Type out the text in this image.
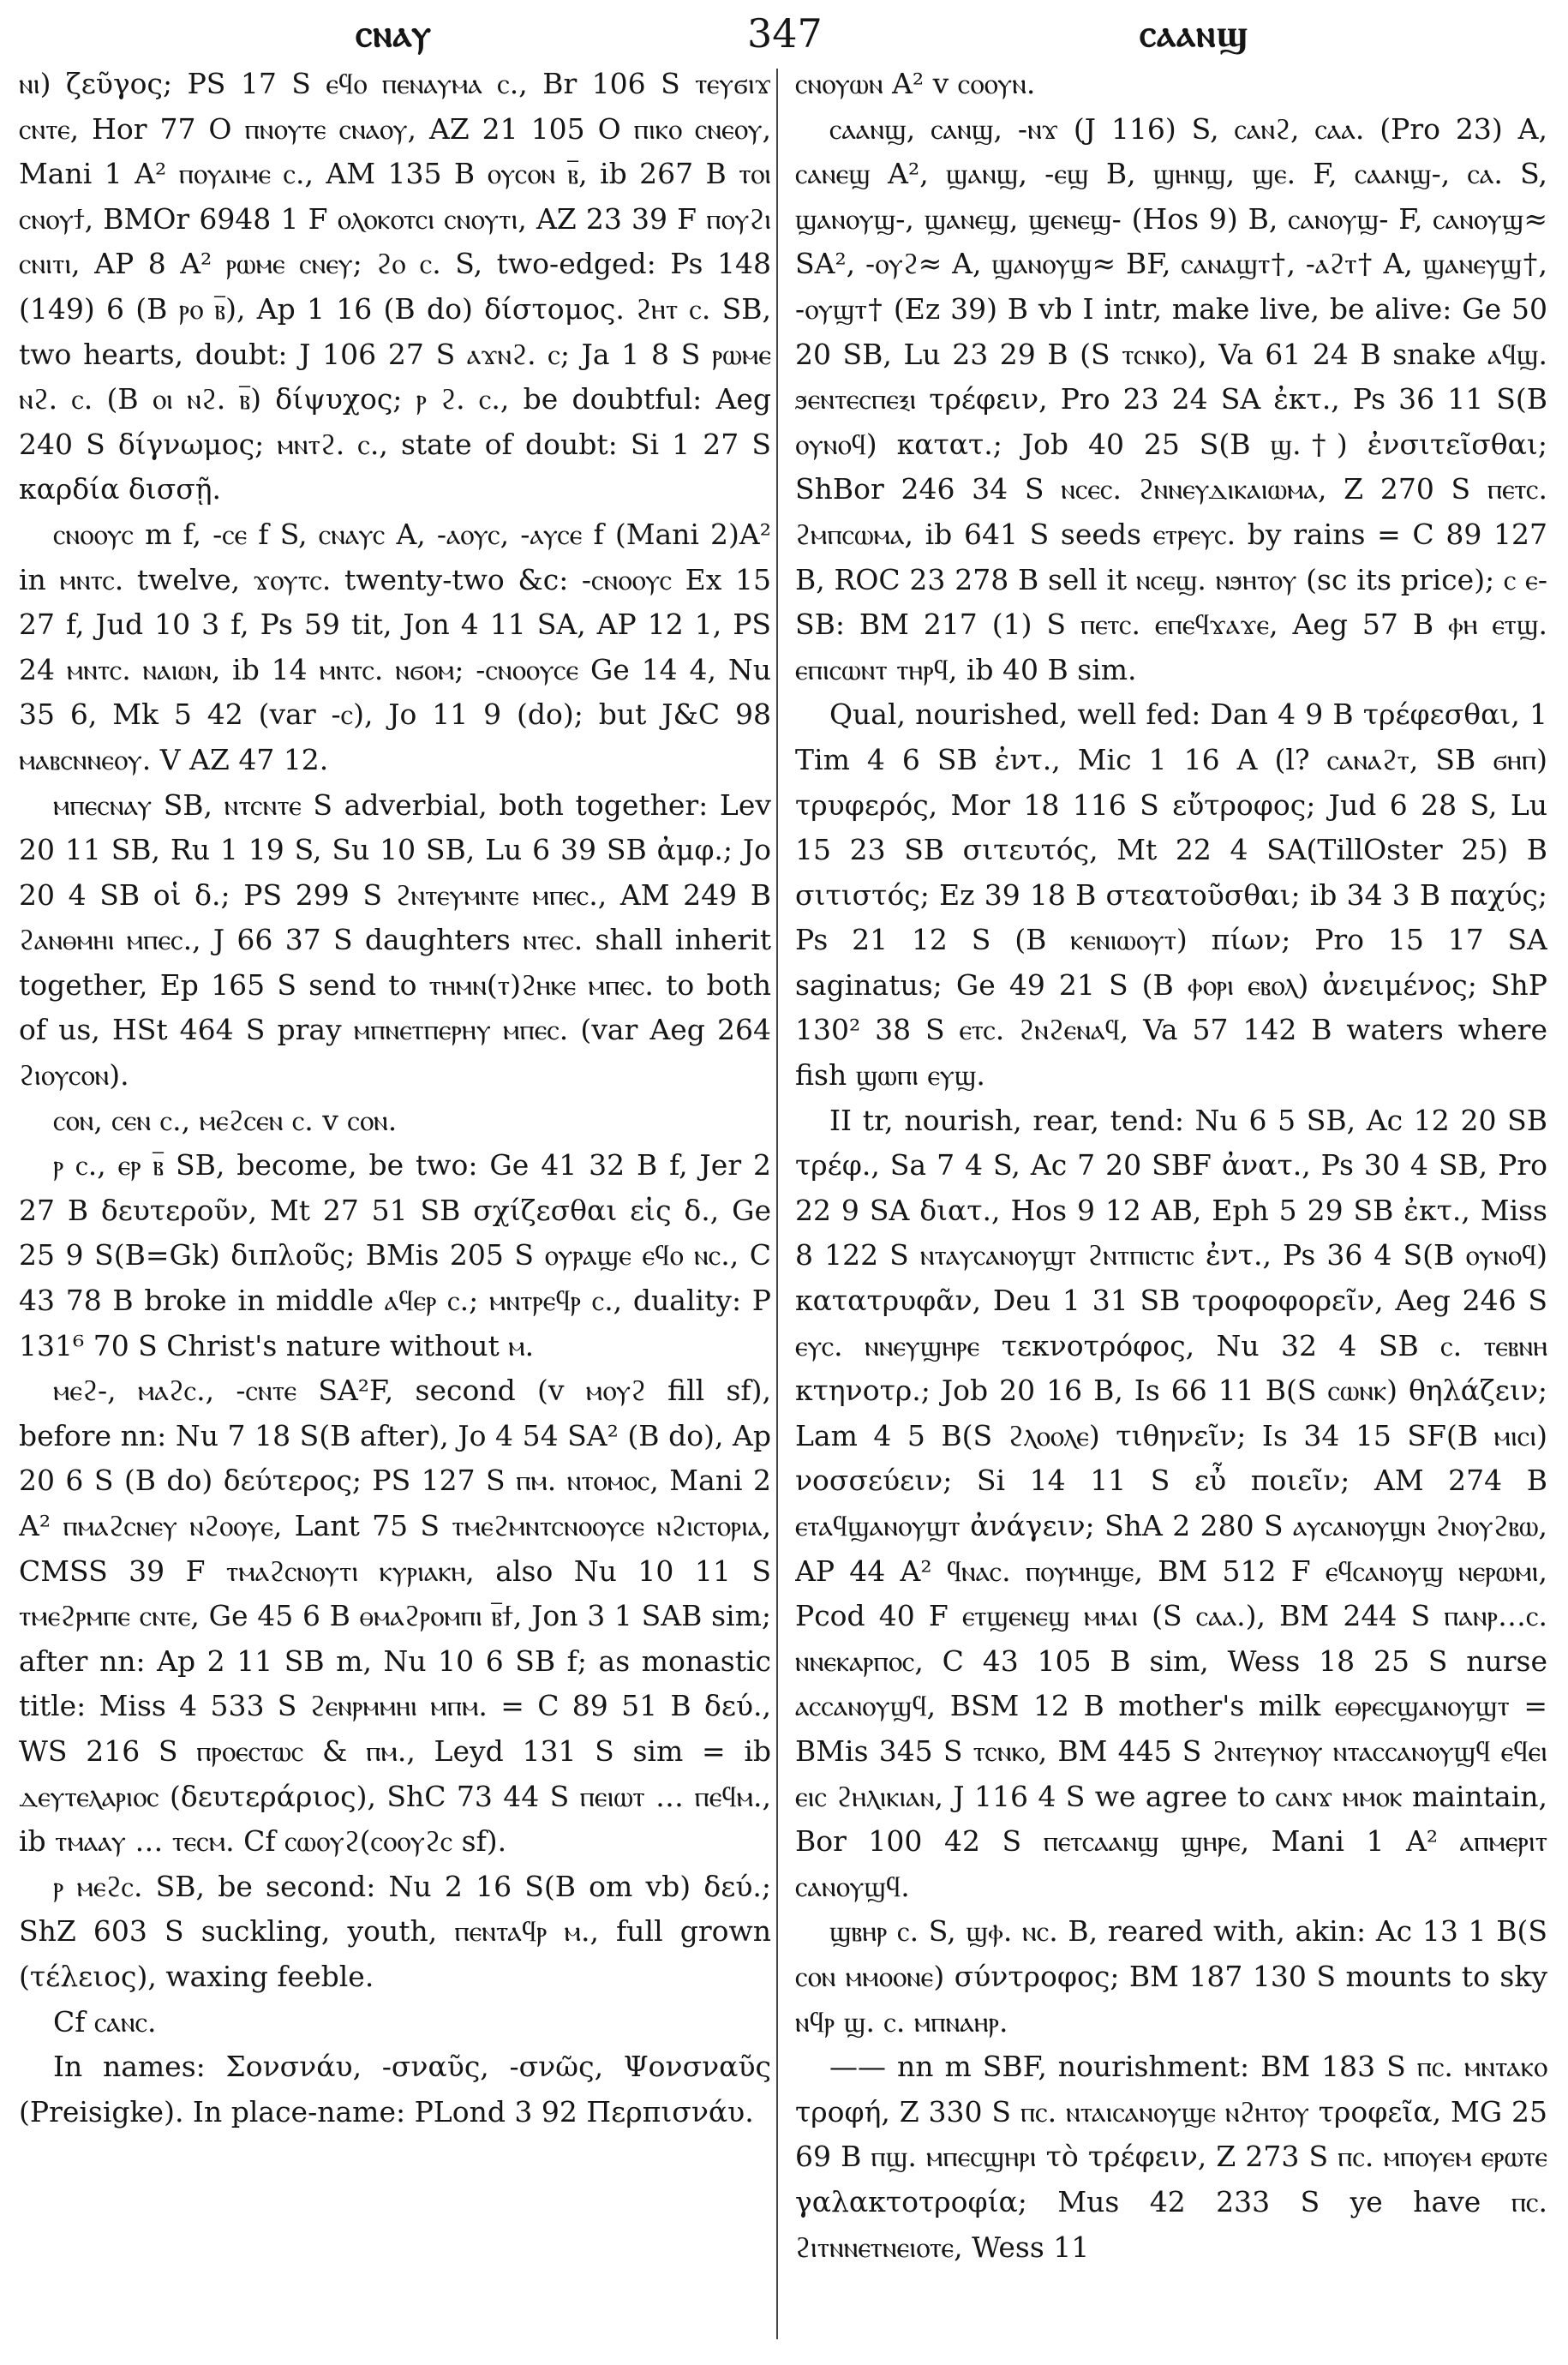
ⲥⲛⲁⲩ	347	ⲥⲁⲁⲛϣ

ⲛⲓ) ζεῦγος; PS 17 S ⲉϥⲟ ⲡⲉⲛⲁⲩⲙⲁ ⲥ., Br 106 S ⲧⲉⲩϭⲓϫ ⲥⲛⲧⲉ, Hor 77 O ⲡⲛⲟⲩⲧⲉ ⲥⲛⲁⲟⲩ, AZ 21 105 O ⲡⲓⲕⲟ ⲥⲛⲉⲟⲩ, Mani 1 A² ⲡⲟⲩⲁⲓⲙⲉ ⲥ., AM 135 B ⲟⲩⲥⲟⲛ ⲃ̅, ib 267 B ⲧⲟⲓ ⲥⲛⲟⲩϯ, BMOr 6948 1 F ⲟⲗⲟⲕⲟⲧⲥⲓ ⲥⲛⲟⲩⲧⲓ, AZ 23 39 F ⲡⲟⲩϩⲓ ⲥⲛⲓⲧⲓ, AP 8 A² ⲣⲱⲙⲉ ⲥⲛⲉⲩ; ϩⲟ ⲥ. S, two-edged: Ps 148 (149) 6 (B ⲣⲟ ⲃ̅), Ap 1 16 (B do) δίστομος. ϩⲏⲧ ⲥ. SB, two hearts, doubt: J 106 27 S ⲁϫⲛϩ. ⲥ; Ja 1 8 S ⲣⲱⲙⲉ ⲛϩ. ⲥ. (B ⲟⲓ ⲛϩ. ⲃ̅) δίψυχος; ⲣ ϩ. ⲥ., be doubtful: Aeg 240 S δίγνωμος; ⲙⲛⲧϩ. ⲥ., state of doubt: Si 1 27 S καρδία δισσῇ.

ⲥⲛⲟⲟⲩⲥ m f, -ⲥⲉ f S, ⲥⲛⲁⲩⲥ A, -ⲁⲟⲩⲥ, -ⲁⲩⲥⲉ f (Mani 2)A² in ⲙⲛⲧⲥ. twelve, ϫⲟⲩⲧⲥ. twenty-two &c: -ⲥⲛⲟⲟⲩⲥ Ex 15 27 f, Jud 10 3 f, Ps 59 tit, Jon 4 11 SA, AP 12 1, PS 24 ⲙⲛⲧⲥ. ⲛⲁⲓⲱⲛ, ib 14 ⲙⲛⲧⲥ. ⲛϭⲟⲙ; -ⲥⲛⲟⲟⲩⲥⲉ Ge 14 4, Nu 35 6, Mk 5 42 (var -ⲥ), Jo 11 9 (do); but J&C 98 ⲙⲁⲃⲥⲛⲛⲉⲟⲩ. V AZ 47 12.

ⲙⲡⲉⲥⲛⲁⲩ SB, ⲛⲧⲥⲛⲧⲉ S adverbial, both together: Lev 20 11 SB, Ru 1 19 S, Su 10 SB, Lu 6 39 SB ἀμφ.; Jo 20 4 SB οἱ δ.; PS 299 S ϩⲛⲧⲉⲩⲙⲛⲧⲉ ⲙⲡⲉⲥ., AM 249 B ϩⲁⲛⲑⲙⲏⲓ ⲙⲡⲉⲥ., J 66 37 S daughters ⲛⲧⲉⲥ. shall inherit together, Ep 165 S send to ⲧⲏⲙⲛ(ⲧ)ϩⲏⲕⲉ ⲙⲡⲉⲥ. to both of us, HSt 464 S pray ⲙⲡⲛⲉⲧⲡⲉⲣⲏⲩ ⲙⲡⲉⲥ. (var Aeg 264 ϩⲓⲟⲩⲥⲟⲛ).

ⲥⲟⲛ, ⲥⲉⲛ ⲥ., ⲙⲉϩⲥⲉⲛ ⲥ. v ⲥⲟⲛ.

ⲣ ⲥ., ⲉⲣ ⲃ̅ SB, become, be two: Ge 41 32 B f, Jer 2 27 B δευτεροῦν, Mt 27 51 SB σχίζεσθαι εἰς δ., Ge 25 9 S(B=Gk) διπλοῦς; BMis 205 S ⲟⲩⲣⲁϣⲉ ⲉϥⲟ ⲛⲥ., C 43 78 B broke in middle ⲁϥⲉⲣ ⲥ.; ⲙⲛⲧⲣⲉϥⲣ ⲥ., duality: P 131⁶ 70 S Christ's nature without ⲙ.

ⲙⲉϩ-, ⲙⲁϩⲥ., -ⲥⲛⲧⲉ SA²F, second (v ⲙⲟⲩϩ fill sf), before nn: Nu 7 18 S(B after), Jo 4 54 SA² (B do), Ap 20 6 S (B do) δεύτερος; PS 127 S ⲡⲙ. ⲛⲧⲟⲙⲟⲥ, Mani 2 A² ⲡⲙⲁϩⲥⲛⲉⲩ ⲛϩⲟⲟⲩⲉ, Lant 75 S ⲧⲙⲉϩⲙⲛⲧⲥⲛⲟⲟⲩⲥⲉ ⲛϩⲓⲥⲧⲟⲣⲓⲁ, CMSS 39 F ⲧⲙⲁϩⲥⲛⲟⲩⲧⲓ ⲕⲩⲣⲓⲁⲕⲏ, also Nu 10 11 S ⲧⲙⲉϩⲣⲙⲡⲉ ⲥⲛⲧⲉ, Ge 45 6 B ⲑⲙⲁϩⲣⲟⲙⲡⲓ ⲃ̅ϯ, Jon 3 1 SAB sim; after nn: Ap 2 11 SB m, Nu 10 6 SB f; as monastic title: Miss 4 533 S ϩⲉⲛⲣⲙⲙⲏⲓ ⲙⲡⲙ. = C 89 51 B δεύ., WS 216 S ⲡⲣⲟⲉⲥⲧⲱⲥ & ⲡⲙ., Leyd 131 S sim = ib ⲇⲉⲩⲧⲉⲗⲁⲣⲓⲟⲥ (δευτεράριος), ShC 73 44 S ⲡⲉⲓⲱⲧ … ⲡⲉϥⲙ., ib ⲧⲙⲁⲁⲩ … ⲧⲉⲥⲙ. Cf ⲥⲱⲟⲩϩ(ⲥⲟⲟⲩϩⲥ sf).

ⲣ ⲙⲉϩⲥ. SB, be second: Nu 2 16 S(B om vb) δεύ.; ShZ 603 S suckling, youth, ⲡⲉⲛⲧⲁϥⲣ ⲙ., full grown (τέλειος), waxing feeble.

Cf ⲥⲁⲛⲥ.

In names: Σονσνάυ, -σναῦς, -σνῶς, Ψονσναῦς (Preisigke). In place-name: PLond 3 92 Περπισνάυ.

ⲥⲛⲟⲩⲱⲛ A² v ⲥⲟⲟⲩⲛ.

ⲥⲁⲁⲛϣ, ⲥⲁⲛϣ, -ⲛϫ (J 116) S, ⲥⲁⲛϩ, ⲥⲁⲁ. (Pro 23) A, ⲥⲁⲛⲉϣ A², ϣⲁⲛϣ, -ⲉϣ B, ϣⲏⲛϣ, ϣⲉ. F, ⲥⲁⲁⲛϣ-, ⲥⲁ. S, ϣⲁⲛⲟⲩϣ-, ϣⲁⲛⲉϣ, ϣⲉⲛⲉϣ- (Hos 9) B, ⲥⲁⲛⲟⲩϣ- F, ⲥⲁⲛⲟⲩϣ≈ SA², -ⲟⲩϩ≈ A, ϣⲁⲛⲟⲩϣ≈ BF, ⲥⲁⲛⲁϣⲧ†, -ⲁϩⲧ† A, ϣⲁⲛⲉⲩϣ†, -ⲟⲩϣⲧ† (Ez 39) B vb I intr, make live, be alive: Ge 50 20 SB, Lu 23 29 B (S ⲧⲥⲛⲕⲟ), Va 61 24 B snake ⲁϥϣ. ϧⲉⲛⲧⲉⲥⲡⲉⲝⲓ τρέφειν, Pro 23 24 SA ἐκτ., Ps 36 11 S(B ⲟⲩⲛⲟϥ) κατατ.; Job 40 25 S(B ϣ.†) ἐνσιτεῖσθαι; ShBor 246 34 S ⲛⲥⲉⲥ. ϩⲛⲛⲉⲩⲇⲓⲕⲁⲓⲱⲙⲁ, Z 270 S ⲡⲉⲧⲥ. ϩⲙⲡⲥⲱⲙⲁ, ib 641 S seeds ⲉⲧⲣⲉⲩⲥ. by rains = C 89 127 B, ROC 23 278 B sell it ⲛⲥⲉϣ. ⲛϧⲏⲧⲟⲩ (sc its price); ⲥ ⲉ- SB: BM 217 (1) S ⲡⲉⲧⲥ. ⲉⲡⲉϥϫⲁϫⲉ, Aeg 57 B ⲫⲏ ⲉⲧϣ. ⲉⲡⲓⲥⲱⲛⲧ ⲧⲏⲣϥ, ib 40 B sim.

Qual, nourished, well fed: Dan 4 9 B τρέφεσθαι, 1 Tim 4 6 SB ἐντ., Mic 1 16 A (l? ⲥⲁⲛⲁϩⲧ, SB ϭⲏⲡ) τρυφερός, Mor 18 116 S εὔτροφος; Jud 6 28 S, Lu 15 23 SB σιτευτός, Mt 22 4 SA(TillOster 25) B σιτιστός; Ez 39 18 B στεατοῦσθαι; ib 34 3 B παχύς; Ps 21 12 S (B ⲕⲉⲛⲓⲱⲟⲩⲧ) πίων; Pro 15 17 SA saginatus; Ge 49 21 S (B ⲫⲟⲣⲓ ⲉⲃⲟⲗ) ἀνειμένος; ShP 130² 38 S ⲉⲧⲥ. ϩⲛϩⲉⲛⲁϥ, Va 57 142 B waters where fish ϣⲱⲡⲓ ⲉⲩϣ.

II tr, nourish, rear, tend: Nu 6 5 SB, Ac 12 20 SB τρέφ., Sa 7 4 S, Ac 7 20 SBF ἀνατ., Ps 30 4 SB, Pro 22 9 SA διατ., Hos 9 12 AB, Eph 5 29 SB ἐκτ., Miss 8 122 S ⲛⲧⲁⲩⲥⲁⲛⲟⲩϣⲧ ϩⲛⲧⲡⲓⲥⲧⲓⲥ ἐντ., Ps 36 4 S(B ⲟⲩⲛⲟϥ) κατατρυφᾶν, Deu 1 31 SB τροφοφορεῖν, Aeg 246 S ⲉⲩⲥ. ⲛⲛⲉⲩϣⲏⲣⲉ τεκνοτρόφος, Nu 32 4 SB ⲥ. ⲧⲉⲃⲛⲏ κτηνοτρ.; Job 20 16 B, Is 66 11 B(S ⲥⲱⲛⲕ) θηλάζειν; Lam 4 5 B(S ϩⲗⲟⲟⲗⲉ) τιθηνεῖν; Is 34 15 SF(B ⲙⲓⲥⲓ) νοσσεύειν; Si 14 11 S εὖ ποιεῖν; AM 274 B ⲉⲧⲁϥϣⲁⲛⲟⲩϣⲧ ἀνάγειν; ShA 2 280 S ⲁⲩⲥⲁⲛⲟⲩϣⲛ ϩⲛⲟⲩϩⲃⲱ, AP 44 A² ϥⲛⲁⲥ. ⲡⲟⲩⲙⲏϣⲉ, BM 512 F ⲉϥⲥⲁⲛⲟⲩϣ ⲛⲉⲣⲱⲙⲓ, Pcod 40 F ⲉⲧϣⲉⲛⲉϣ ⲙⲙⲁⲓ (S ⲥⲁⲁ.), BM 244 S ⲡⲁⲛⲣ…ⲥ. ⲛⲛⲉⲕⲁⲣⲡⲟⲥ, C 43 105 B sim, Wess 18 25 S nurse ⲁⲥⲥⲁⲛⲟⲩϣϥ, BSM 12 B mother's milk ⲉⲑⲣⲉⲥϣⲁⲛⲟⲩϣⲧ = BMis 345 S ⲧⲥⲛⲕⲟ, BM 445 S ϩⲛⲧⲉⲩⲛⲟⲩ ⲛⲧⲁⲥⲥⲁⲛⲟⲩϣϥ ⲉϥⲉⲓ ⲉⲓⲥ ϩⲏⲗⲓⲕⲓⲁⲛ, J 116 4 S we agree to ⲥⲁⲛϫ ⲙⲙⲟⲕ maintain, Bor 100 42 S ⲡⲉⲧⲥⲁⲁⲛϣ ϣⲏⲣⲉ, Mani 1 A² ⲁⲡⲙⲉⲣⲓⲧ ⲥⲁⲛⲟⲩϣϥ.

ϣⲃⲏⲣ ⲥ. S, ϣⲫ. ⲛⲥ. B, reared with, akin: Ac 13 1 B(S ⲥⲟⲛ ⲙⲙⲟⲟⲛⲉ) σύντροφος; BM 187 130 S mounts to sky ⲛϥⲣ ϣ. ⲥ. ⲙⲡⲛⲁⲏⲣ.

—— nn m SBF, nourishment: BM 183 S ⲡⲥ. ⲙⲛⲧⲁⲕⲟ τροφή, Z 330 S ⲡⲥ. ⲛⲧⲁⲓⲥⲁⲛⲟⲩϣⲉ ⲛϩⲏⲧⲟⲩ τροφεῖα, MG 25 69 B ⲡϣ. ⲙⲡⲉⲥϣⲏⲣⲓ τὸ τρέφειν, Z 273 S ⲡⲥ. ⲙⲡⲟⲩⲉⲙ ⲉⲣⲱⲧⲉ γαλακτοτροφία; Mus 42 233 S ye have ⲡⲥ. ϩⲓⲧⲛⲛⲉⲧⲛⲉⲓⲟⲧⲉ, Wess 11
